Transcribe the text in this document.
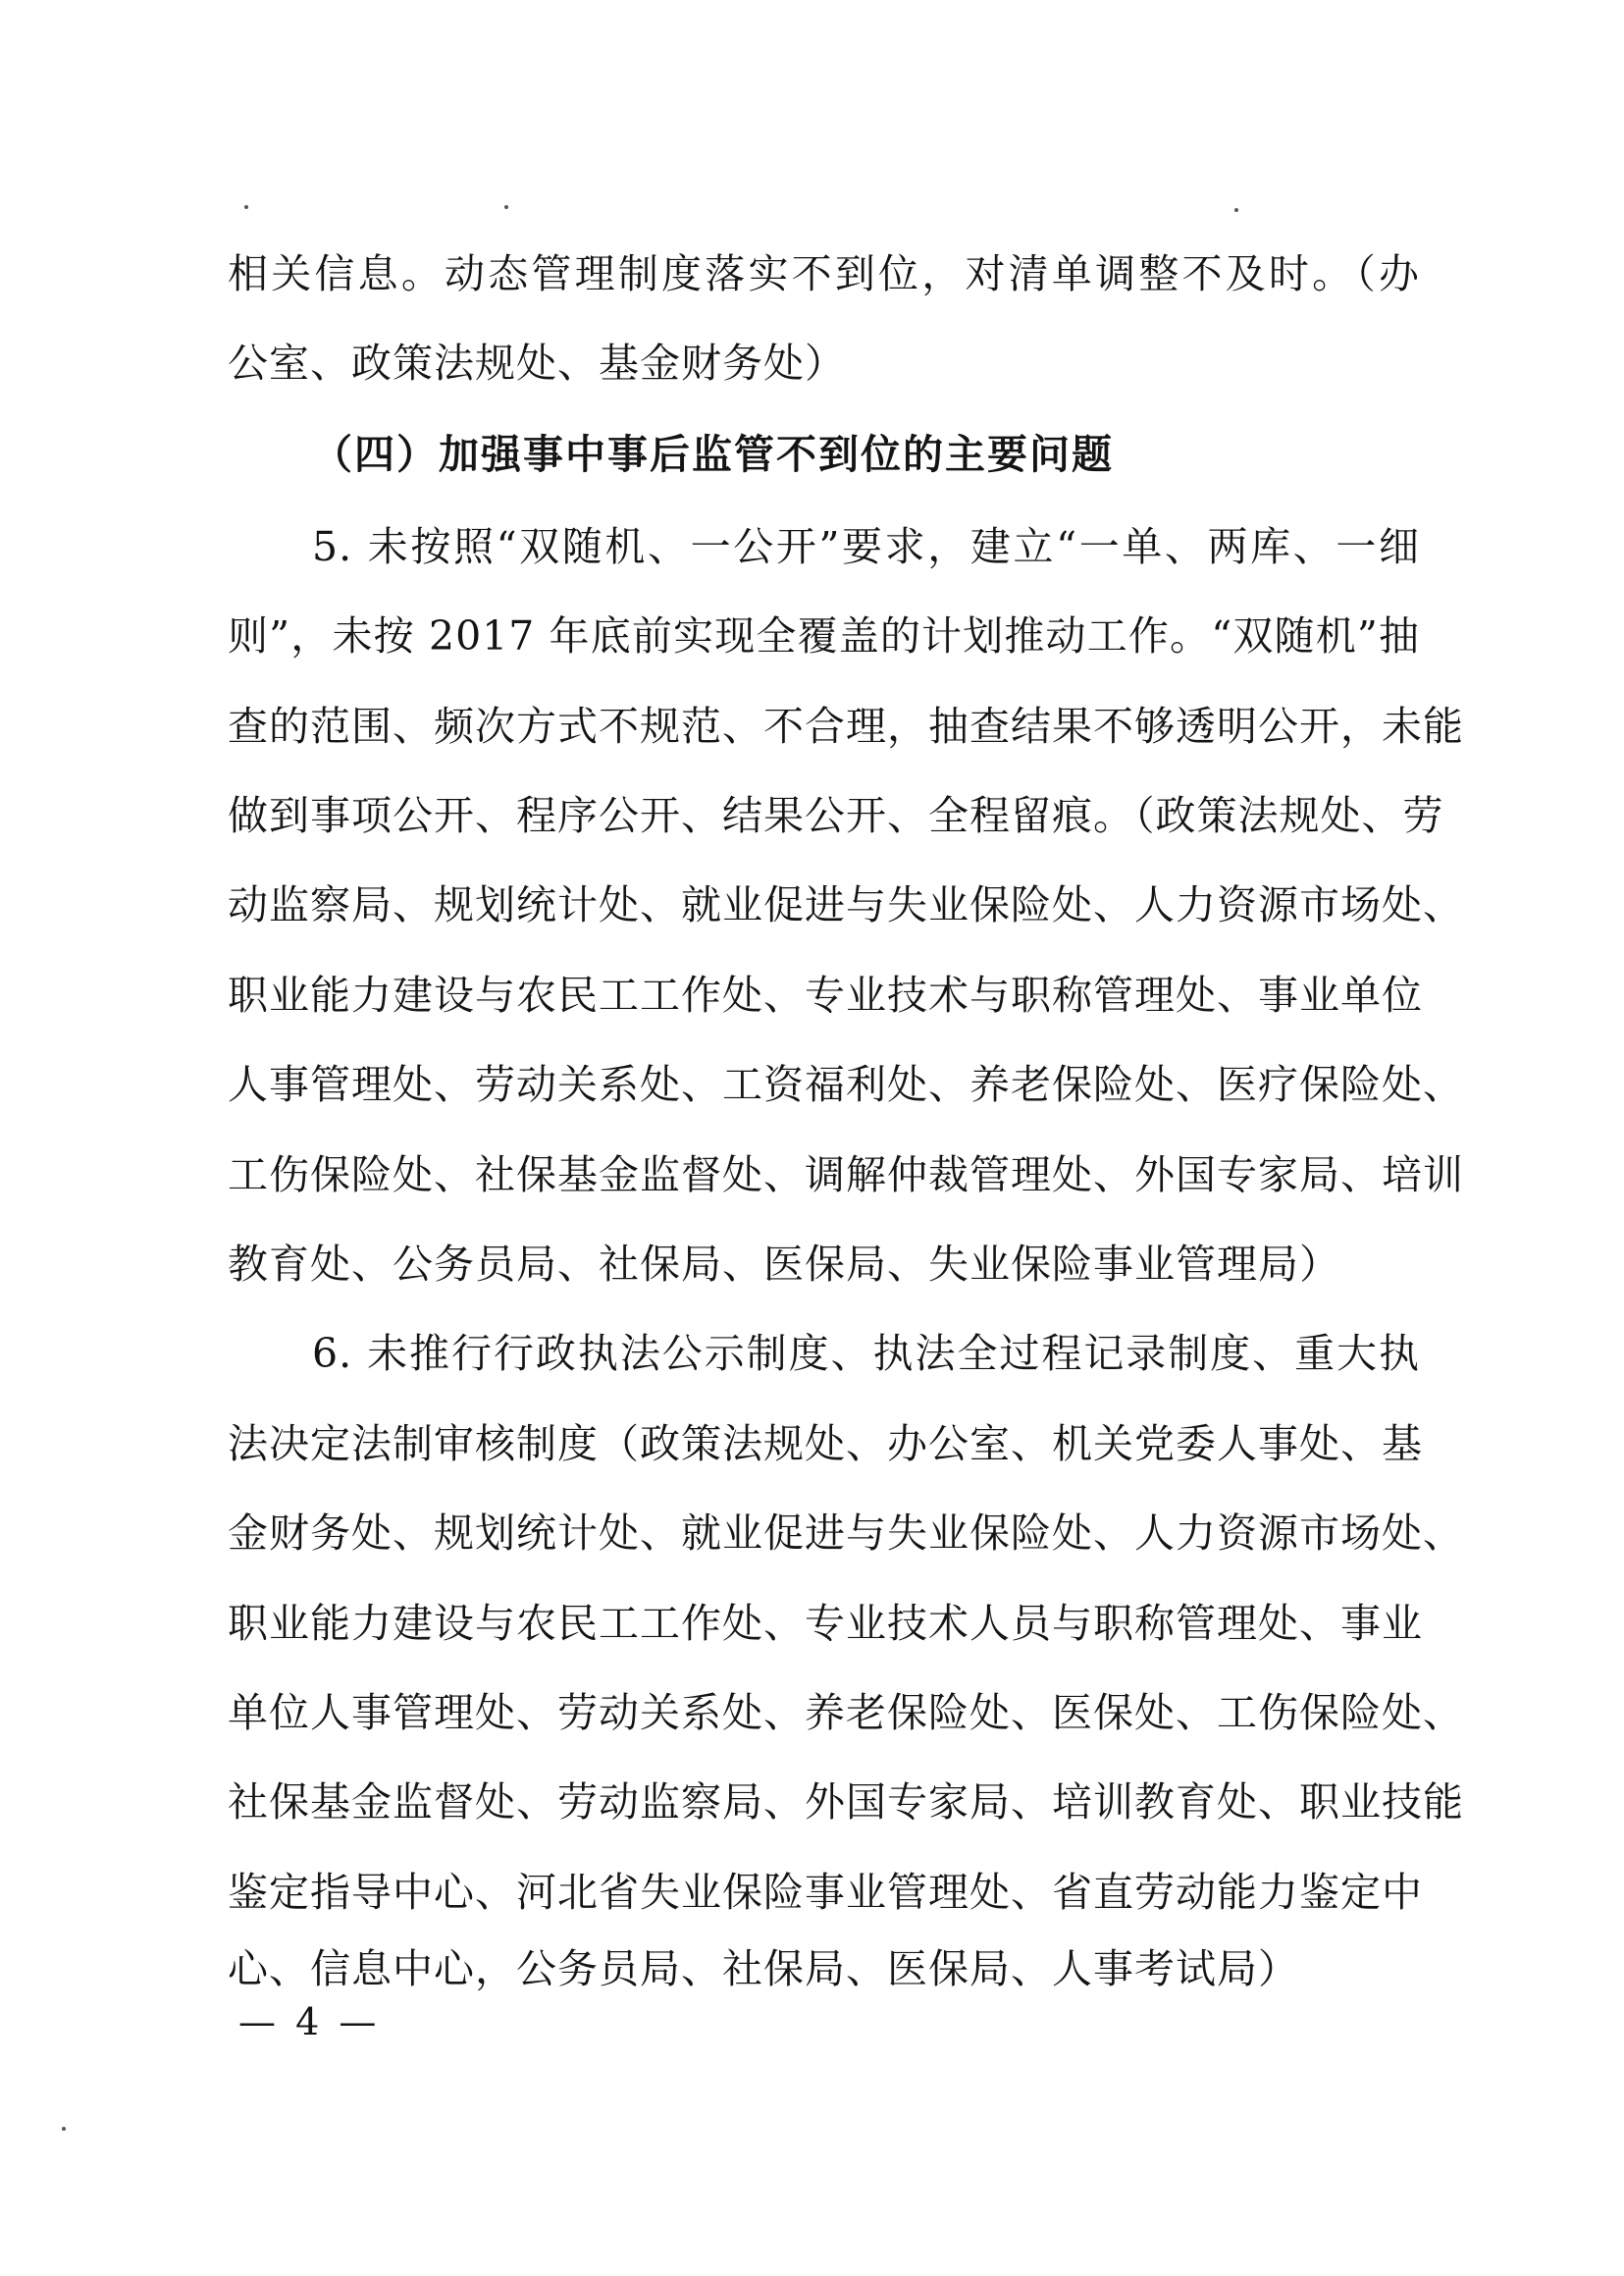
相关信息。动态管理制度落实不到位，对清单调整不及时。（办
公室、政策法规处、基金财务处）
（四）加强事中事后监管不到位的主要问题
5. 未按照“双随机、一公开”要求，建立“一单、两库、一细
则”，未按 2017 年底前实现全覆盖的计划推动工作。“双随机”抽
查的范围、频次方式不规范、不合理，抽查结果不够透明公开，未能
做到事项公开、程序公开、结果公开、全程留痕。（政策法规处、劳
动监察局、规划统计处、就业促进与失业保险处、人力资源市场处、
职业能力建设与农民工工作处、专业技术与职称管理处、事业单位
人事管理处、劳动关系处、工资福利处、养老保险处、医疗保险处、
工伤保险处、社保基金监督处、调解仲裁管理处、外国专家局、培训
教育处、公务员局、社保局、医保局、失业保险事业管理局）
6. 未推行行政执法公示制度、执法全过程记录制度、重大执
法决定法制审核制度（政策法规处、办公室、机关党委人事处、基
金财务处、规划统计处、就业促进与失业保险处、人力资源市场处、
职业能力建设与农民工工作处、专业技术人员与职称管理处、事业
单位人事管理处、劳动关系处、养老保险处、医保处、工伤保险处、
社保基金监督处、劳动监察局、外国专家局、培训教育处、职业技能
鉴定指导中心、河北省失业保险事业管理处、省直劳动能力鉴定中
心、信息中心，公务员局、社保局、医保局、人事考试局）
— 4 —
